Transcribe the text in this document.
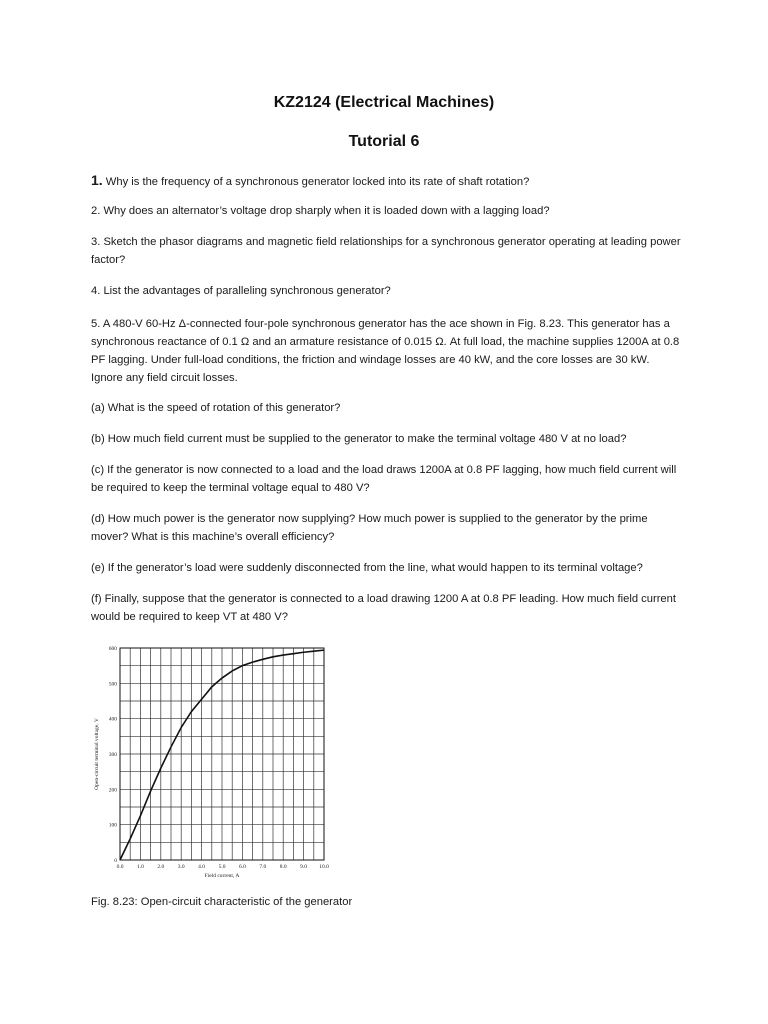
KZ2124 (Electrical Machines)
Tutorial 6
1. Why is the frequency of a synchronous generator locked into its rate of shaft rotation?
2. Why does an alternator’s voltage drop sharply when it is loaded down with a lagging load?
3. Sketch the phasor diagrams and magnetic field relationships for a synchronous generator operating at leading power factor?
4. List the advantages of paralleling synchronous generator?
5. A 480-V 60-Hz Δ-connected four-pole synchronous generator has the ace shown in Fig. 8.23. This generator has a synchronous reactance of 0.1 Ω and an armature resistance of 0.015 Ω. At full load, the machine supplies 1200A at 0.8 PF lagging. Under full-load conditions, the friction and windage losses are 40 kW, and the core losses are 30 kW. Ignore any field circuit losses.
(a) What is the speed of rotation of this generator?
(b) How much field current must be supplied to the generator to make the terminal voltage 480 V at no load?
(c) If the generator is now connected to a load and the load draws 1200A at 0.8 PF lagging, how much field current will be required to keep the terminal voltage equal to 480 V?
(d) How much power is the generator now supplying? How much power is supplied to the generator by the prime mover? What is this machine’s overall efficiency?
(e) If the generator’s load were suddenly disconnected from the line, what would happen to its terminal voltage?
(f) Finally, suppose that the generator is connected to a load drawing 1200 A at 0.8 PF leading. How much field current would be required to keep VT at 480 V?
0.0 1.0 2.0 3.0 4.0 5.0 6.0 7.0 8.0 9.0 10.0
0
100
200
300
400
500
600
Field current, A
Open-circuit terminal voltage, V
Fig. 8.23: Open-circuit characteristic of the generator
